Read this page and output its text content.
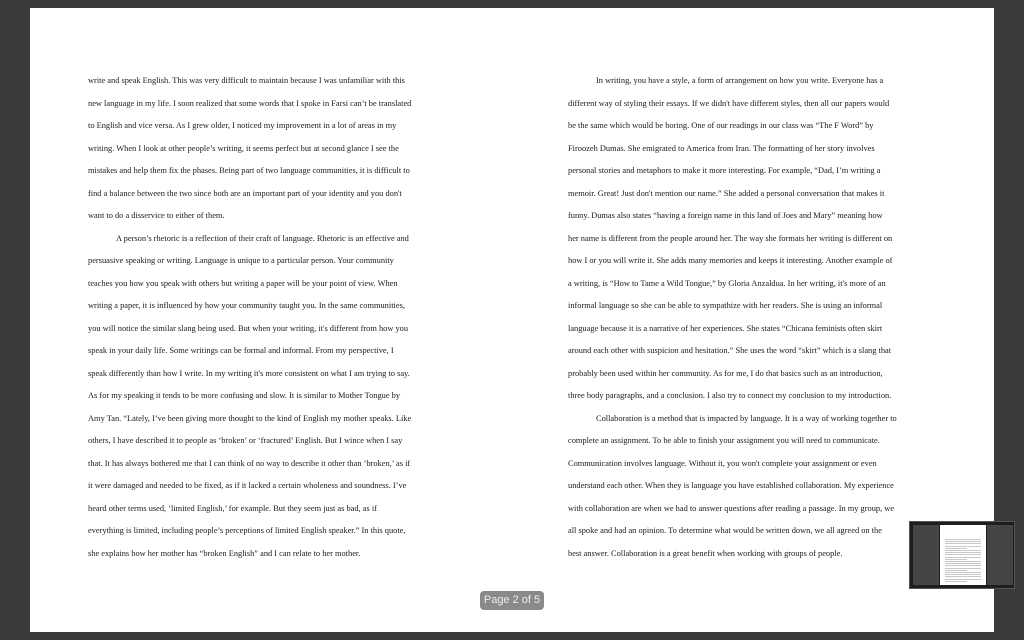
write and speak English. This was very difficult to maintain because I was unfamiliar with this
new language in my life. I soon realized that some words that I spoke in Farsi can’t be translated
to English and vice versa. As I grew older, I noticed my improvement in a lot of areas in my
writing. When I look at other people’s writing, it seems perfect but at second glance I see the
mistakes and help them fix the phases. Being part of two language communities, it is difficult to
find a balance between the two since both are an important part of your identity and you don't
want to do a disservice to either of them.
A person’s rhetoric is a reflection of their craft of language. Rhetoric is an effective and
persuasive speaking or writing. Language is unique to a particular person. Your community
teaches you how you speak with others but writing a paper will be your point of view. When
writing a paper, it is influenced by how your community taught you. In the same communities,
you will notice the similar slang being used. But when your writing, it's different from how you
speak in your daily life. Some writings can be formal and informal. From my perspective, I
speak differently than how I write. In my writing it's more consistent on what I am trying to say.
As for my speaking it tends to be more confusing and slow. It is similar to Mother Tongue by
Amy Tan. “Lately, I’ve been giving more thought to the kind of English my mother speaks. Like
others, I have described it to people as ‘broken’ or ‘fractured’ English. But I wince when I say
that. It has always bothered me that I can think of no way to describe it other than ‘broken,’ as if
it were damaged and needed to be fixed, as if it lacked a certain wholeness and soundness. I’ve
heard other terms used, ‘limited English,’ for example. But they seem just as bad, as if
everything is limited, including people’s perceptions of limited English speaker.” In this quote,
she explains how her mother has “broken English” and I can relate to her mother.
In writing, you have a style, a form of arrangement on how you write. Everyone has a
different way of styling their essays. If we didn't have different styles, then all our papers would
be the same which would be boring. One of our readings in our class was “The F Word” by
Firoozeh Dumas. She emigrated to America from Iran. The formatting of her story involves
personal stories and metaphors to make it more interesting. For example, “Dad, I’m writing a
memoir. Great! Just don't mention our name.” She added a personal conversation that makes it
funny. Dumas also states “having a foreign name in this land of Joes and Mary” meaning how
her name is different from the people around her. The way she formats her writing is different on
how I or you will write it. She adds many memories and keeps it interesting. Another example of
a writing, is “How to Tame a Wild Tongue,” by Gloria Anzaldua. In her writing, it's more of an
informal language so she can be able to sympathize with her readers. She is using an informal
language because it is a narrative of her experiences. She states “Chicana feminists often skirt
around each other with suspicion and hesitation.” She uses the word “skirt” which is a slang that
probably been used within her community. As for me, I do that basics such as an introduction,
three body paragraphs, and a conclusion. I also try to connect my conclusion to my introduction.
Collaboration is a method that is impacted by language. It is a way of working together to
complete an assignment. To be able to finish your assignment you will need to communicate.
Communication involves language. Without it, you won't complete your assignment or even
understand each other. When they is language you have established collaboration. My experience
with collaboration are when we had to answer questions after reading a passage. In my group, we
all spoke and had an opinion. To determine what would be written down, we all agreed on the
best answer. Collaboration is a great benefit when working with groups of people.
Page 2 of 5
